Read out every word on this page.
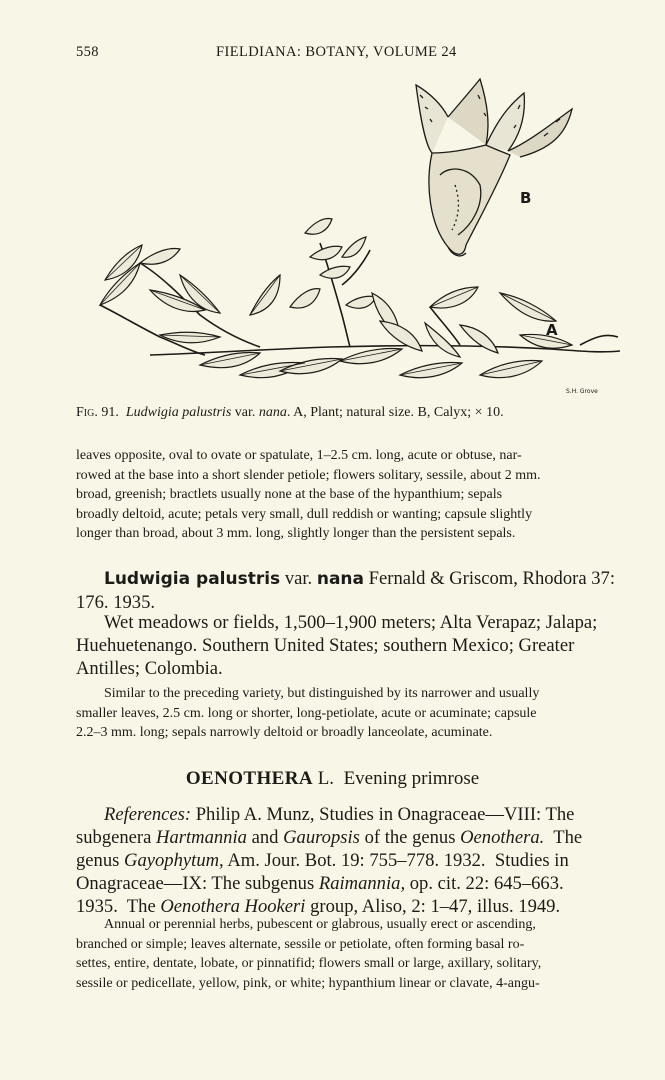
558	FIELDIANA: BOTANY, VOLUME 24
B
A
S.H. Grove
Fig. 91. Ludwigia palustris var. nana. A, Plant; natural size. B, Calyx; × 10.
leaves opposite, oval to ovate or spatulate, 1–2.5 cm. long, acute or obtuse, nar-
rowed at the base into a short slender petiole; flowers solitary, sessile, about 2 mm.
broad, greenish; bractlets usually none at the base of the hypanthium; sepals
broadly deltoid, acute; petals very small, dull reddish or wanting; capsule slightly
longer than broad, about 3 mm. long, slightly longer than the persistent sepals.
Ludwigia palustris var. nana Fernald & Griscom, Rhodora 37:
176. 1935.
Wet meadows or fields, 1,500–1,900 meters; Alta Verapaz; Jalapa;
Huehuetenango. Southern United States; southern Mexico; Greater
Antilles; Colombia.
Similar to the preceding variety, but distinguished by its narrower and usually
smaller leaves, 2.5 cm. long or shorter, long-petiolate, acute or acuminate; capsule
2.2–3 mm. long; sepals narrowly deltoid or broadly lanceolate, acuminate.
OENOTHERA L.  Evening primrose
References: Philip A. Munz, Studies in Onagraceae—VIII: The
subgenera Hartmannia and Gauropsis of the genus Oenothera.  The
genus Gayophytum, Am. Jour. Bot. 19: 755–778. 1932.  Studies in
Onagraceae—IX: The subgenus Raimannia, op. cit. 22: 645–663.
1935.  The Oenothera Hookeri group, Aliso, 2: 1–47, illus. 1949.
Annual or perennial herbs, pubescent or glabrous, usually erect or ascending,
branched or simple; leaves alternate, sessile or petiolate, often forming basal ro-
settes, entire, dentate, lobate, or pinnatifid; flowers small or large, axillary, solitary,
sessile or pedicellate, yellow, pink, or white; hypanthium linear or clavate, 4-angu-
